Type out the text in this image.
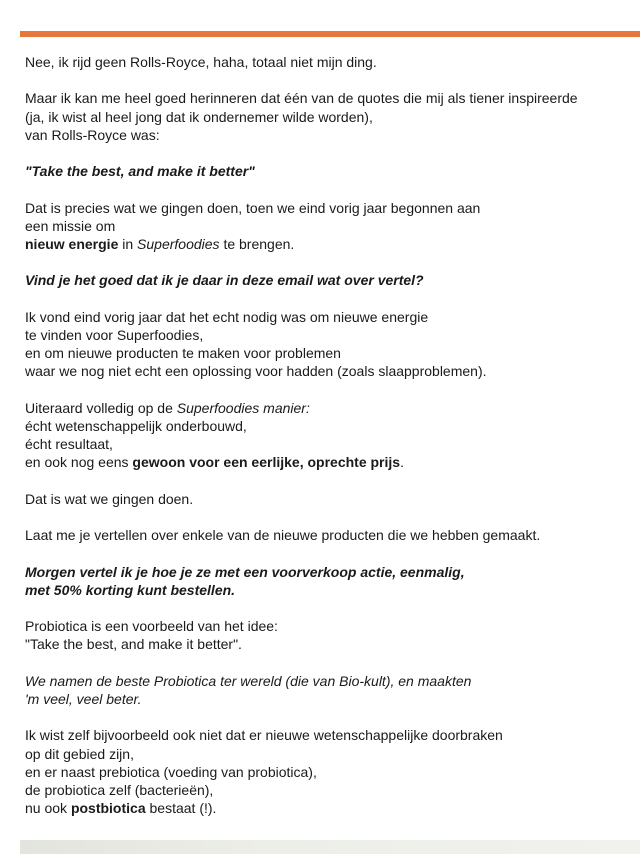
Nee, ik rijd geen Rolls-Royce, haha, totaal niet mijn ding.

Maar ik kan me heel goed herinneren dat één van de quotes die mij als tiener inspireerde
(ja, ik wist al heel jong dat ik ondernemer wilde worden),
van Rolls-Royce was:

"Take the best, and make it better"

Dat is precies wat we gingen doen, toen we eind vorig jaar begonnen aan
een missie om
nieuw energie in Superfoodies te brengen.

Vind je het goed dat ik je daar in deze email wat over vertel?

Ik vond eind vorig jaar dat het echt nodig was om nieuwe energie
te vinden voor Superfoodies,
en om nieuwe producten te maken voor problemen
waar we nog niet echt een oplossing voor hadden (zoals slaapproblemen).

Uiteraard volledig op de Superfoodies manier:
écht wetenschappelijk onderbouwd,
écht resultaat,
en ook nog eens gewoon voor een eerlijke, oprechte prijs.

Dat is wat we gingen doen.

Laat me je vertellen over enkele van de nieuwe producten die we hebben gemaakt.

Morgen vertel ik je hoe je ze met een voorverkoop actie, eenmalig,
met 50% korting kunt bestellen.

Probiotica is een voorbeeld van het idee:
"Take the best, and make it better".

We namen de beste Probiotica ter wereld (die van Bio-kult), en maakten
'm veel, veel beter.

Ik wist zelf bijvoorbeeld ook niet dat er nieuwe wetenschappelijke doorbraken
op dit gebied zijn,
en er naast prebiotica (voeding van probiotica),
de probiotica zelf (bacterieën),
nu ook postbiotica bestaat (!).
